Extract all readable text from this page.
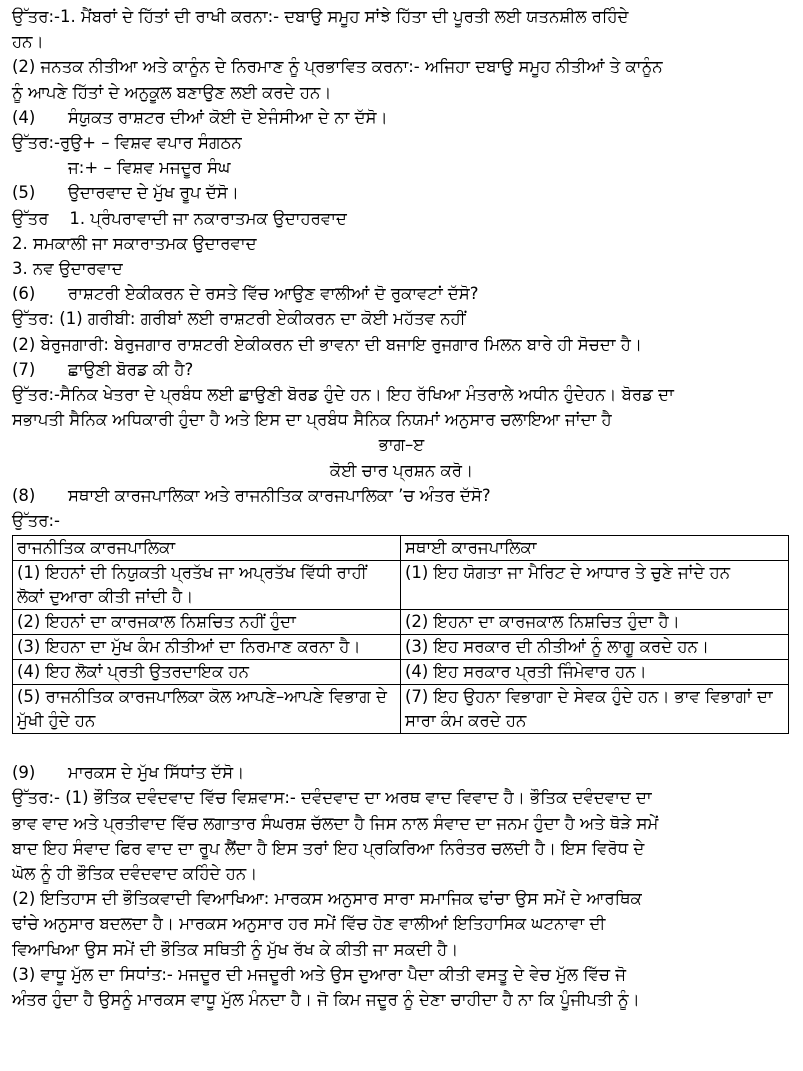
ਉੱਤਰ:-1. ਮੈਂਬਰਾਂ ਦੇ ਹਿੱਤਾਂ ਦੀ ਰਾਖੀ ਕਰਨਾ:- ਦਬਾਉ ਸਮੂਹ ਸਾਂਝੇ ਹਿੱਤਾ ਦੀ ਪੂਰਤੀ ਲਈ ਯਤਨਸ਼ੀਲ ਰਹਿੰਦੇ

ਹਨ।

(2) ਜਨਤਕ ਨੀਤੀਆ ਅਤੇ ਕਾਨੂੰਨ ਦੇ ਨਿਰਮਾਣ ਨੂੰ ਪ੍ਰਭਾਵਿਤ ਕਰਨਾ:- ਅਜਿਹਾ ਦਬਾਉ ਸਮੂਹ ਨੀਤੀਆਂ ਤੇ ਕਾਨੂੰਨ

ਨੂੰ ਆਪਣੇ ਹਿੱਤਾਂ ਦੇ ਅਨੁਕੂਲ ਬਣਾਉਣ ਲਈ ਕਰਦੇ ਹਨ।

(4) ਸੰਯੁਕਤ ਰਾਸ਼ਟਰ ਦੀਆਂ ਕੋਈ ਦੋ ਏਜੰਸੀਆ ਦੇ ਨਾ ਦੱਸੋ।

ਉੱਤਰ:-ਰੁਉ+ – ਵਿਸ਼ਵ ਵਪਾਰ ਸੰਗਠਨ

ਜ:+ – ਵਿਸ਼ਵ ਮਜਦੂਰ ਸੰਘ

(5) ਉਦਾਰਵਾਦ ਦੇ ਮੁੱਖ ਰੂਪ ਦੱਸੋ।

ਉੱਤਰ    1. ਪ੍ਰੰਪਰਾਵਾਦੀ ਜਾ ਨਕਾਰਾਤਮਕ ਉਦਾਹਰਵਾਦ

2. ਸਮਕਾਲੀ ਜਾ ਸਕਾਰਾਤਮਕ ਉਦਾਰਵਾਦ

3. ਨਵ ਉਦਾਰਵਾਦ

(6) ਰਾਸ਼ਟਰੀ ਏਕੀਕਰਨ ਦੇ ਰਸਤੇ ਵਿੱਚ ਆਉਣ ਵਾਲੀਆਂ ਦੋ ਰੁਕਾਵਟਾਂ ਦੱਸੋ?

ਉੱਤਰ: (1) ਗਰੀਬੀ: ਗਰੀਬਾਂ ਲਈ ਰਾਸ਼ਟਰੀ ਏਕੀਕਰਨ ਦਾ ਕੋਈ ਮਹੱਤਵ ਨਹੀਂ

(2) ਬੇਰੁਜਗਾਰੀ: ਬੇਰੁਜਗਾਰ ਰਾਸ਼ਟਰੀ ਏਕੀਕਰਨ ਦੀ ਭਾਵਨਾ ਦੀ ਬਜਾਇ ਰੁਜਗਾਰ ਮਿਲਨ ਬਾਰੇ ਹੀ ਸੋਚਦਾ ਹੈ।

(7) ਛਾਉਣੀ ਬੋਰਡ ਕੀ ਹੈ?

ਉੱਤਰ:-ਸੈਨਿਕ ਖੇਤਰਾ ਦੇ ਪ੍ਰਬੰਧ ਲਈ ਛਾਉਣੀ ਬੋਰਡ ਹੁੰਦੇ ਹਨ। ਇਹ ਰੱਖਿਆ ਮੰਤਰਾਲੇ ਅਧੀਨ ਹੁੰਦੇਹਨ। ਬੋਰਡ ਦਾ

ਸਭਾਪਤੀ ਸੈਨਿਕ ਅਧਿਕਾਰੀ ਹੁੰਦਾ ਹੈ ਅਤੇ ਇਸ ਦਾ ਪ੍ਰਬੰਧ ਸੈਨਿਕ ਨਿਯਮਾਂ ਅਨੁਸਾਰ ਚਲਾਇਆ ਜਾਂਦਾ ਹੈ

ਭਾਗ–ੲ

ਕੋਈ ਚਾਰ ਪ੍ਰਸ਼ਨ ਕਰੋ।

(8) ਸਥਾਈ ਕਾਰਜਪਾਲਿਕਾ ਅਤੇ ਰਾਜਨੀਤਿਕ ਕਾਰਜਪਾਲਿਕਾ ’ਚ ਅੰਤਰ ਦੱਸੋ?

ਉੱਤਰ:-

ਰਾਜਨੀਤਿਕ ਕਾਰਜਪਾਲਿਕਾ	ਸਥਾਈ ਕਾਰਜਪਾਲਿਕਾ
(1) ਇਹਨਾਂ ਦੀ ਨਿਯੁਕਤੀ ਪ੍ਰਤੱਖ ਜਾ ਅਪ੍ਰਤੱਖ ਵਿੱਧੀ ਰਾਹੀਂ ਲੋਕਾਂ ਦੁਆਰਾ ਕੀਤੀ ਜਾਂਦੀ ਹੈ।	(1) ਇਹ ਯੋਗਤਾ ਜਾ ਮੈਰਿਟ ਦੇ ਆਧਾਰ ਤੇ ਚੁਣੇ ਜਾਂਦੇ ਹਨ
(2) ਇਹਨਾਂ ਦਾ ਕਾਰਜਕਾਲ ਨਿਸ਼ਚਿਤ ਨਹੀਂ ਹੁੰਦਾ	(2) ਇਹਨਾ ਦਾ ਕਾਰਜਕਾਲ ਨਿਸ਼ਚਿਤ ਹੁੰਦਾ ਹੈ।
(3) ਇਹਨਾ ਦਾ ਮੁੱਖ ਕੰਮ ਨੀਤੀਆਂ ਦਾ ਨਿਰਮਾਣ ਕਰਨਾ ਹੈ।	(3) ਇਹ ਸਰਕਾਰ ਦੀ ਨੀਤੀਆਂ ਨੂੰ ਲਾਗੂ ਕਰਦੇ ਹਨ।
(4) ਇਹ ਲੋਕਾਂ ਪ੍ਰਤੀ ਉਤਰਦਾਇਕ ਹਨ	(4) ਇਹ ਸਰਕਾਰ ਪ੍ਰਤੀ ਜਿੰਮੇਵਾਰ ਹਨ।
(5) ਰਾਜਨੀਤਿਕ ਕਾਰਜਪਾਲਿਕਾ ਕੋਲ ਆਪਣੇ–ਆਪਣੇ ਵਿਭਾਗ ਦੇ ਮੁੱਖੀ ਹੁੰਦੇ ਹਨ	(7) ਇਹ ਉਹਨਾ ਵਿਭਾਗਾ ਦੇ ਸੇਵਕ ਹੁੰਦੇ ਹਨ। ਭਾਵ ਵਿਭਾਗਾਂ ਦਾ ਸਾਰਾ ਕੰਮ ਕਰਦੇ ਹਨ

(9) ਮਾਰਕਸ ਦੇ ਮੁੱਖ ਸਿੱਧਾਂਤ ਦੱਸੋ।

ਉੱਤਰ:- (1) ਭੌਤਿਕ ਦਵੰਦਵਾਦ ਵਿੱਚ ਵਿਸ਼ਵਾਸ:- ਦਵੰਦਵਾਦ ਦਾ ਅਰਥ ਵਾਦ ਵਿਵਾਦ ਹੈ। ਭੌਤਿਕ ਦਵੰਦਵਾਦ ਦਾ

ਭਾਵ ਵਾਦ ਅਤੇ ਪ੍ਰਤੀਵਾਦ ਵਿੱਚ ਲਗਾਤਾਰ ਸੰਘਰਸ਼ ਚੱਲਦਾ ਹੈ ਜਿਸ ਨਾਲ ਸੰਵਾਦ ਦਾ ਜਨਮ ਹੁੰਦਾ ਹੈ ਅਤੇ ਥੋੜੇ ਸਮੇਂ

ਬਾਦ ਇਹ ਸੰਵਾਦ ਫਿਰ ਵਾਦ ਦਾ ਰੂਪ ਲੈਂਦਾ ਹੈ ਇਸ ਤਰਾਂ ਇਹ ਪ੍ਰਕਿਰਿਆ ਨਿਰੰਤਰ ਚਲਦੀ ਹੈ। ਇਸ ਵਿਰੋਧ ਦੇ

ਘੋਲ ਨੂੰ ਹੀ ਭੌਤਿਕ ਦਵੰਦਵਾਦ ਕਹਿੰਦੇ ਹਨ।

(2) ਇਤਿਹਾਸ ਦੀ ਭੌਤਿਕਵਾਦੀ ਵਿਆਖਿਆ: ਮਾਰਕਸ ਅਨੁਸਾਰ ਸਾਰਾ ਸਮਾਜਿਕ ਢਾਂਚਾ ਉਸ ਸਮੇਂ ਦੇ ਆਰਥਿਕ

ਢਾਂਚੇ ਅਨੁਸਾਰ ਬਦਲਦਾ ਹੈ। ਮਾਰਕਸ ਅਨੁਸਾਰ ਹਰ ਸਮੇਂ ਵਿੱਚ ਹੋਣ ਵਾਲੀਆਂ ਇਤਿਹਾਸਿਕ ਘਟਨਾਵਾ ਦੀ

ਵਿਆਖਿਆ ਉਸ ਸਮੇਂ ਦੀ ਭੌਤਿਕ ਸਥਿਤੀ ਨੂੰ ਮੁੱਖ ਰੱਖ ਕੇ ਕੀਤੀ ਜਾ ਸਕਦੀ ਹੈ।

(3) ਵਾਧੂ ਮੁੱਲ ਦਾ ਸਿਧਾਂਤ:- ਮਜਦੂਰ ਦੀ ਮਜਦੂਰੀ ਅਤੇ ਉਸ ਦੁਆਰਾ ਪੈਦਾ ਕੀਤੀ ਵਸਤੂ ਦੇ ਵੇਚ ਮੁੱਲ ਵਿੱਚ ਜੋ

ਅੰਤਰ ਹੁੰਦਾ ਹੈ ਉਸਨੂੰ ਮਾਰਕਸ ਵਾਧੂ ਮੁੱਲ ਮੰਨਦਾ ਹੈ। ਜੋ ਕਿਮ ਜਦੂਰ ਨੂੰ ਦੇਣਾ ਚਾਹੀਦਾ ਹੈ ਨਾ ਕਿ ਪੂੰਜੀਪਤੀ ਨੂੰ।
